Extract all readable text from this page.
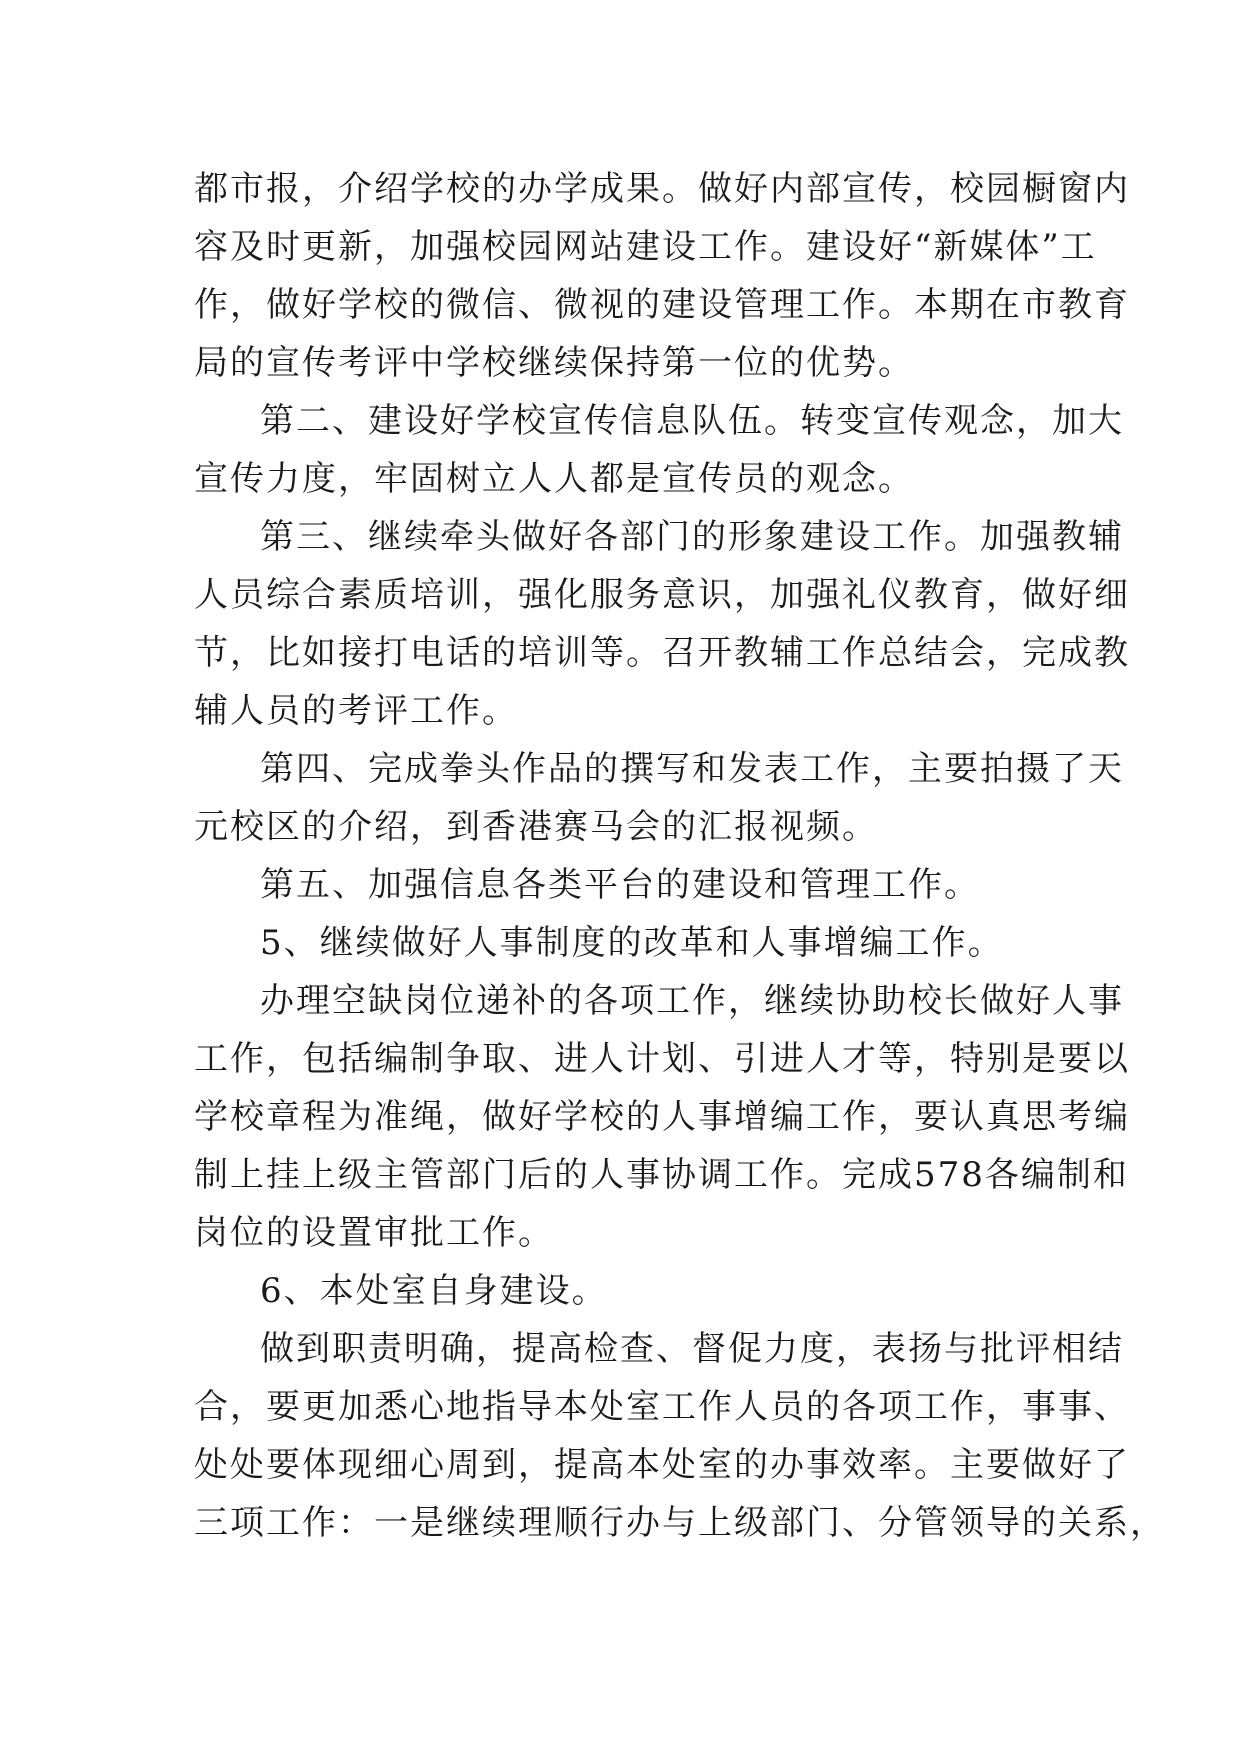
都市报，介绍学校的办学成果。做好内部宣传，校园橱窗内
容及时更新，加强校园网站建设工作。建设好“新媒体”工
作，做好学校的微信、微视的建设管理工作。本期在市教育
局的宣传考评中学校继续保持第一位的优势。
第二、建设好学校宣传信息队伍。转变宣传观念，加大
宣传力度，牢固树立人人都是宣传员的观念。
第三、继续牵头做好各部门的形象建设工作。加强教辅
人员综合素质培训，强化服务意识，加强礼仪教育，做好细
节，比如接打电话的培训等。召开教辅工作总结会，完成教
辅人员的考评工作。
第四、完成拳头作品的撰写和发表工作，主要拍摄了天
元校区的介绍，到香港赛马会的汇报视频。
第五、加强信息各类平台的建设和管理工作。
5、继续做好人事制度的改革和人事增编工作。
办理空缺岗位递补的各项工作，继续协助校长做好人事
工作，包括编制争取、进人计划、引进人才等，特别是要以
学校章程为准绳，做好学校的人事增编工作，要认真思考编
制上挂上级主管部门后的人事协调工作。完成578各编制和
岗位的设置审批工作。
6、本处室自身建设。
做到职责明确，提高检查、督促力度，表扬与批评相结
合，要更加悉心地指导本处室工作人员的各项工作，事事、
处处要体现细心周到，提高本处室的办事效率。主要做好了
三项工作：一是继续理顺行办与上级部门、分管领导的关系，
